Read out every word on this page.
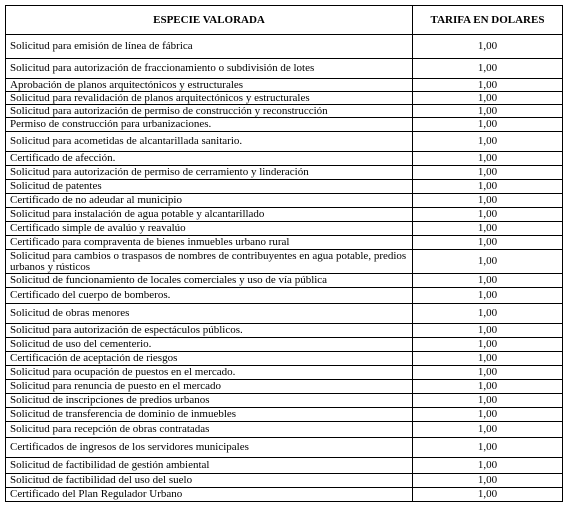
ESPECIE VALORADA	TARIFA EN DOLARES
Solicitud para emisión de línea de fábrica	1,00
Solicitud para autorización de fraccionamiento o subdivisión de lotes	1,00
Aprobación de planos arquitectónicos y estructurales	1,00
Solicitud para revalidación de planos arquitectónicos y estructurales	1,00
Solicitud para autorización de permiso de construcción y reconstrucción	1,00
Permiso de construcción para urbanizaciones.	1,00
Solicitud para acometidas de alcantarillada sanitario.	1,00
Certificado de afección.	1,00
Solicitud para autorización de permiso de cerramiento y linderación	1,00
Solicitud de patentes	1,00
Certificado de no adeudar al municipio	1,00
Solicitud para instalación de agua potable y alcantarillado	1,00
Certificado simple de avalúo y reavalúo	1,00
Certificado para compraventa de bienes inmuebles urbano rural	1,00
Solicitud para cambios o traspasos de nombres de contribuyentes en agua potable, predios urbanos y rústicos	1,00
Solicitud de funcionamiento de locales comerciales y uso de vía pública	1,00
Certificado del cuerpo de bomberos.	1,00
Solicitud de obras menores	1,00
Solicitud para autorización de espectáculos públicos.	1,00
Solicitud de uso del cementerio.	1,00
Certificación de aceptación de riesgos	1,00
Solicitud para ocupación de puestos en el mercado.	1,00
Solicitud para renuncia de puesto en el mercado	1,00
Solicitud de inscripciones de predios urbanos	1,00
Solicitud de transferencia de dominio de inmuebles	1,00
Solicitud para recepción de obras contratadas	1,00
Certificados de ingresos de los servidores municipales	1,00
Solicitud de factibilidad de gestión ambiental	1,00
Solicitud de factibilidad del uso del suelo	1,00
Certificado del Plan Regulador Urbano	1,00
